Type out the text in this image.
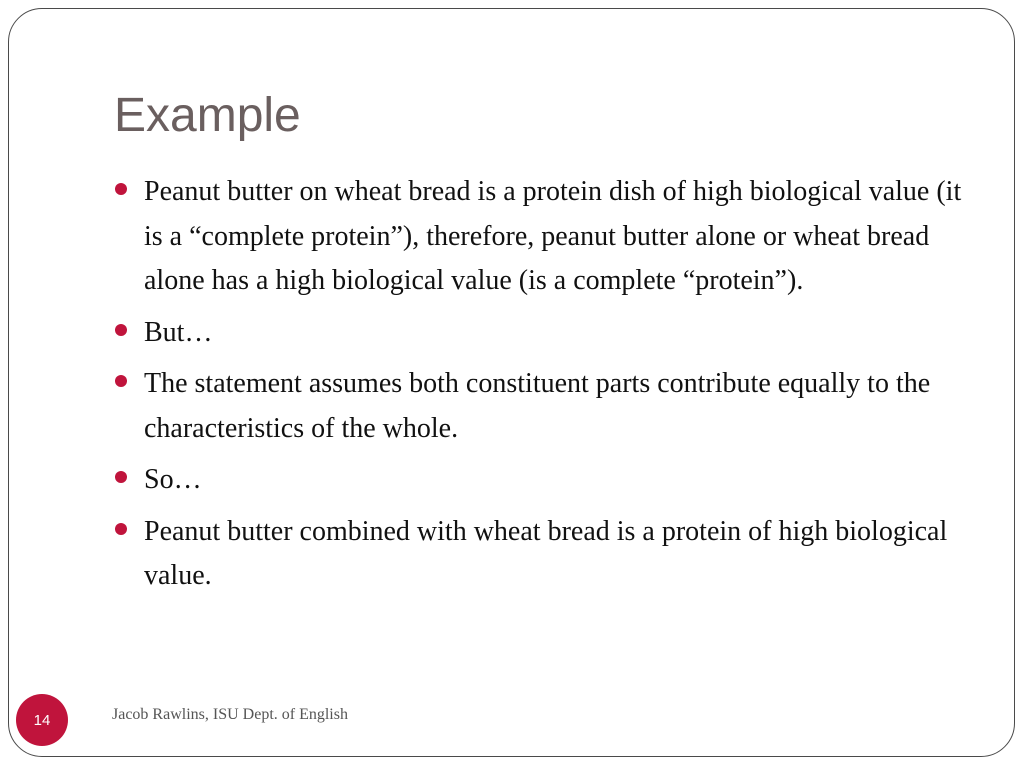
Example
Peanut butter on wheat bread is a protein dish of high biological value (it is a “complete protein”), therefore, peanut butter alone or wheat bread alone has a high biological value (is a complete “protein”).
But…
The statement assumes both constituent parts contribute equally to the characteristics of the whole.
So…
Peanut butter combined with wheat bread is a protein of high biological value.
14	Jacob Rawlins, ISU Dept. of English
